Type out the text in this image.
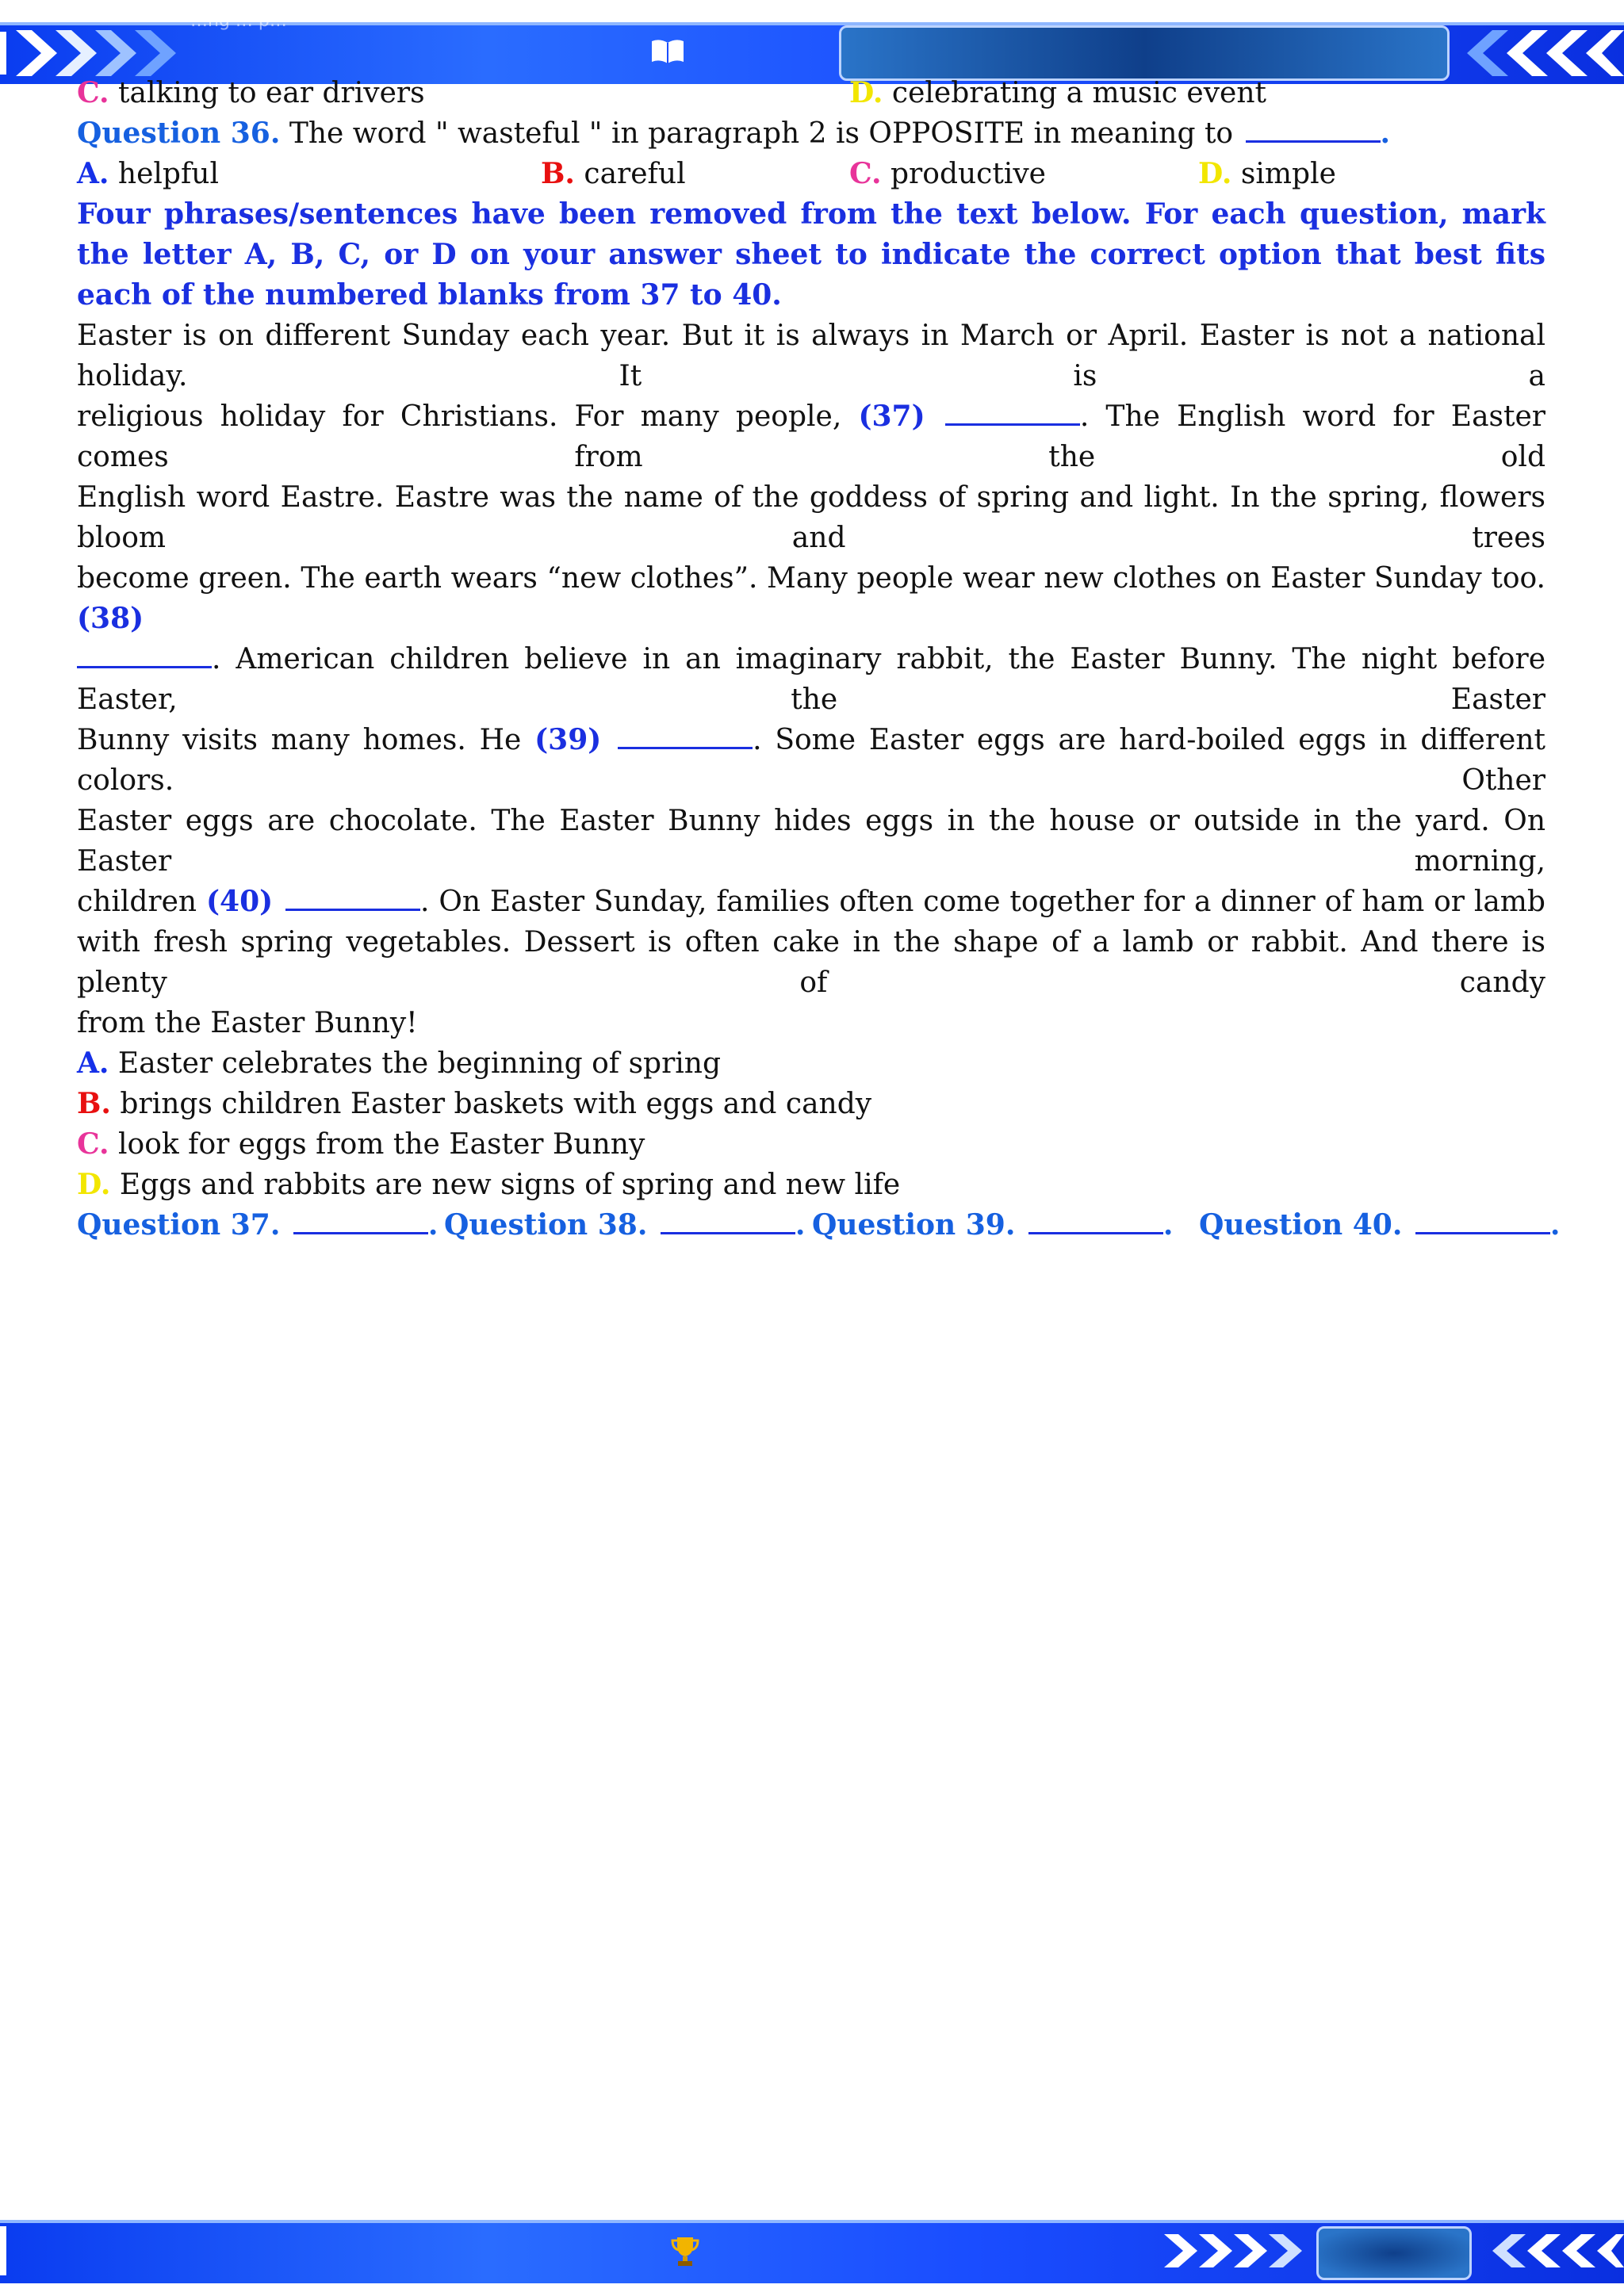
…ng … p…
C. talking to ear drivers	D. celebrating a music event
Question 36. The word " wasteful " in paragraph 2 is OPPOSITE in meaning to	.
A. helpful	B. careful	C. productive	D. simple
Four phrases/sentences have been removed from the text below. For each question, mark the letter A, B, C, or D on your answer sheet to indicate the correct option that best fits each of the numbered blanks from 37 to 40.
Easter is on different Sunday each year. But it is always in March or April. Easter is not a national holiday. It is a
religious holiday for Christians. For many people, (37)	. The English word for Easter comes from the old
English word Eastre. Eastre was the name of the goddess of spring and light. In the spring, flowers bloom and trees
become green. The earth wears “new clothes”. Many people wear new clothes on Easter Sunday too. (38)
. American children believe in an imaginary rabbit, the Easter Bunny. The night before Easter, the Easter
Bunny visits many homes. He (39)	. Some Easter eggs are hard-boiled eggs in different colors. Other
Easter eggs are chocolate. The Easter Bunny hides eggs in the house or outside in the yard. On Easter morning,
children (40)	. On Easter Sunday, families often come together for a dinner of ham or lamb
with fresh spring vegetables. Dessert is often cake in the shape of a lamb or rabbit. And there is plenty of candy
from the Easter Bunny!
A. Easter celebrates the beginning of spring
B. brings children Easter baskets with eggs and candy
C. look for eggs from the Easter Bunny
D. Eggs and rabbits are new signs of spring and new life
Question 37.	. Question 38.	. Question 39.	. Question 40.	.
